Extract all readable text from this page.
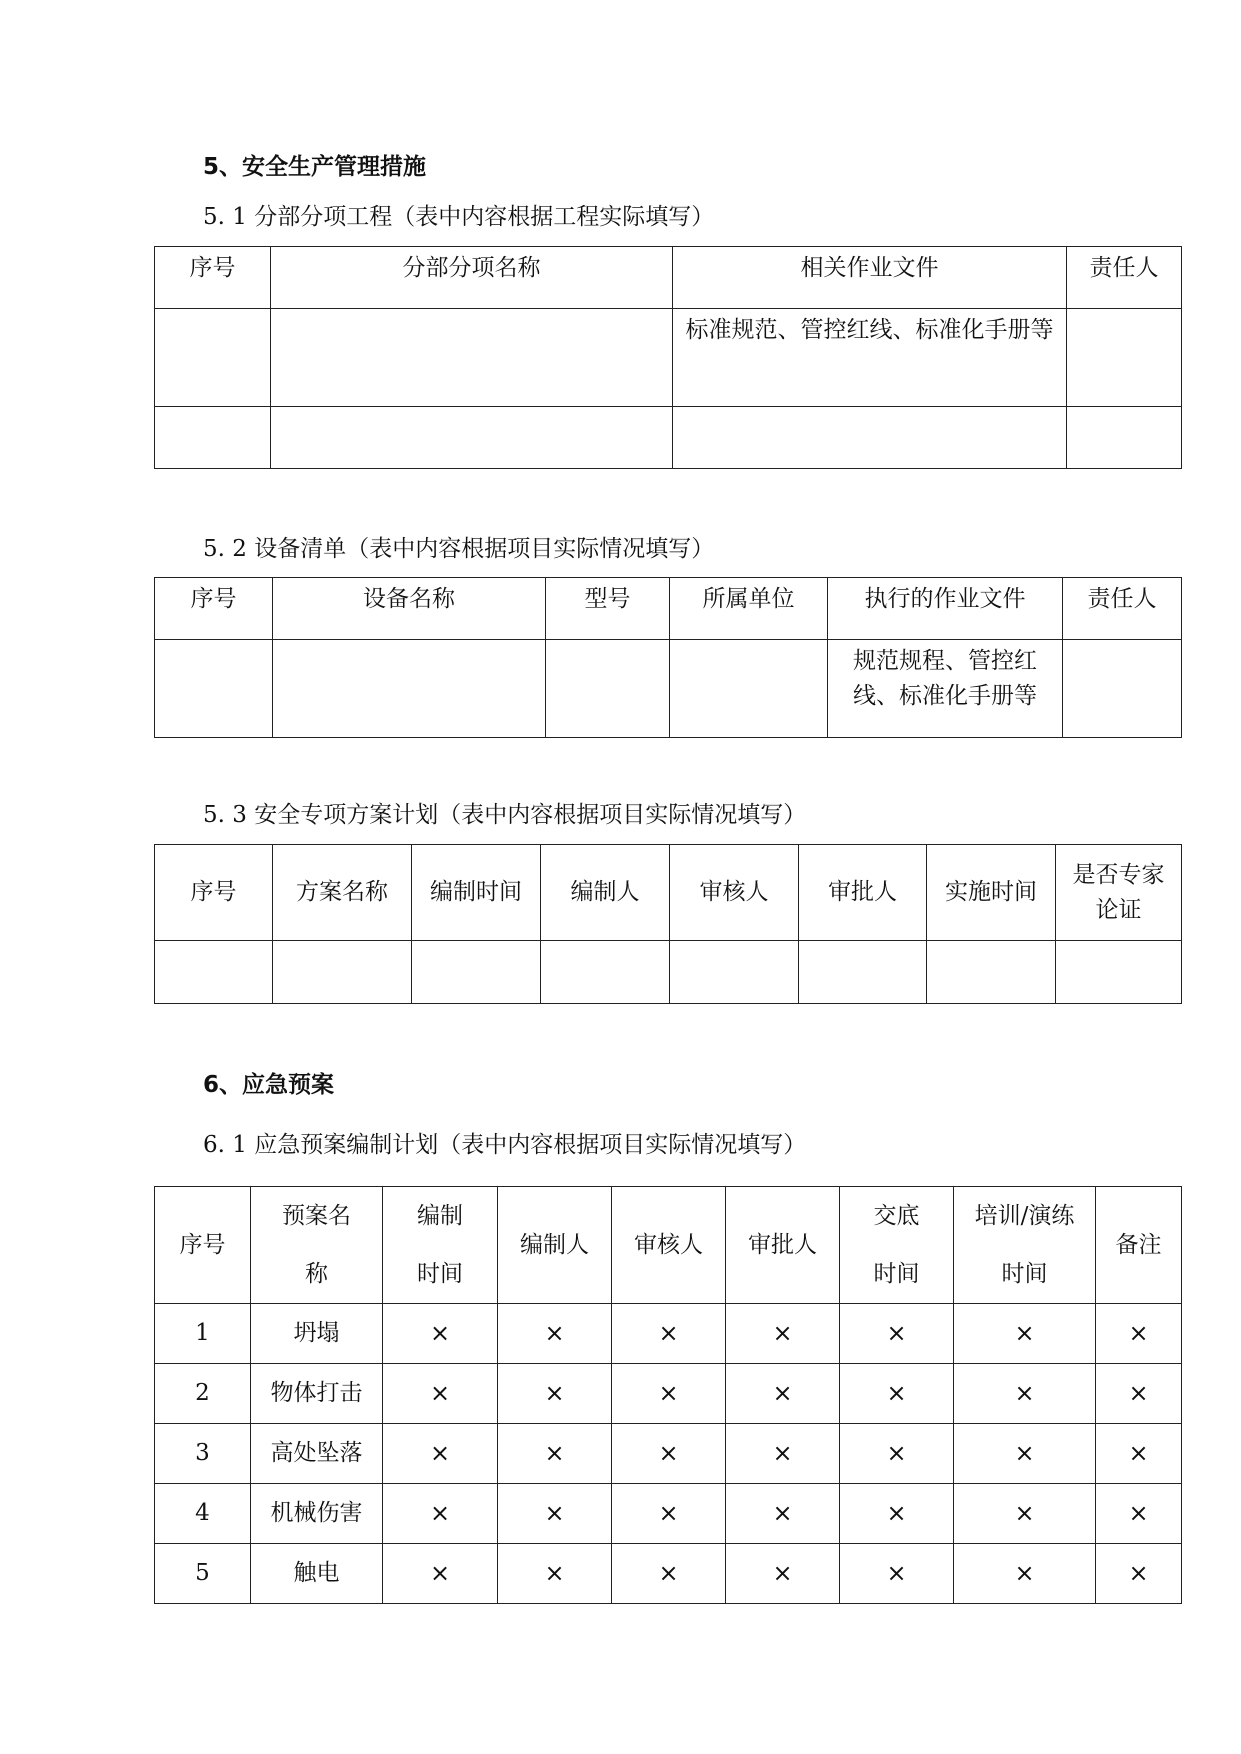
5、安全生产管理措施

5. 1 分部分项工程（表中内容根据工程实际填写）

序号	分部分项名称	相关作业文件	责任人
		标准规范、管控红线、标准化手册等	

5. 2 设备清单（表中内容根据项目实际情况填写）

序号	设备名称	型号	所属单位	执行的作业文件	责任人
				规范规程、管控红线、标准化手册等	

5. 3 安全专项方案计划（表中内容根据项目实际情况填写）

序号	方案名称	编制时间	编制人	审核人	审批人	实施时间	是否专家论证

6、应急预案

6. 1 应急预案编制计划（表中内容根据项目实际情况填写）

序号	预案名称	编制时间	编制人	审核人	审批人	交底时间	培训/演练时间	备注
1	坍塌	×	×	×	×	×	×	×
2	物体打击	×	×	×	×	×	×	×
3	高处坠落	×	×	×	×	×	×	×
4	机械伤害	×	×	×	×	×	×	×
5	触电	×	×	×	×	×	×	×
